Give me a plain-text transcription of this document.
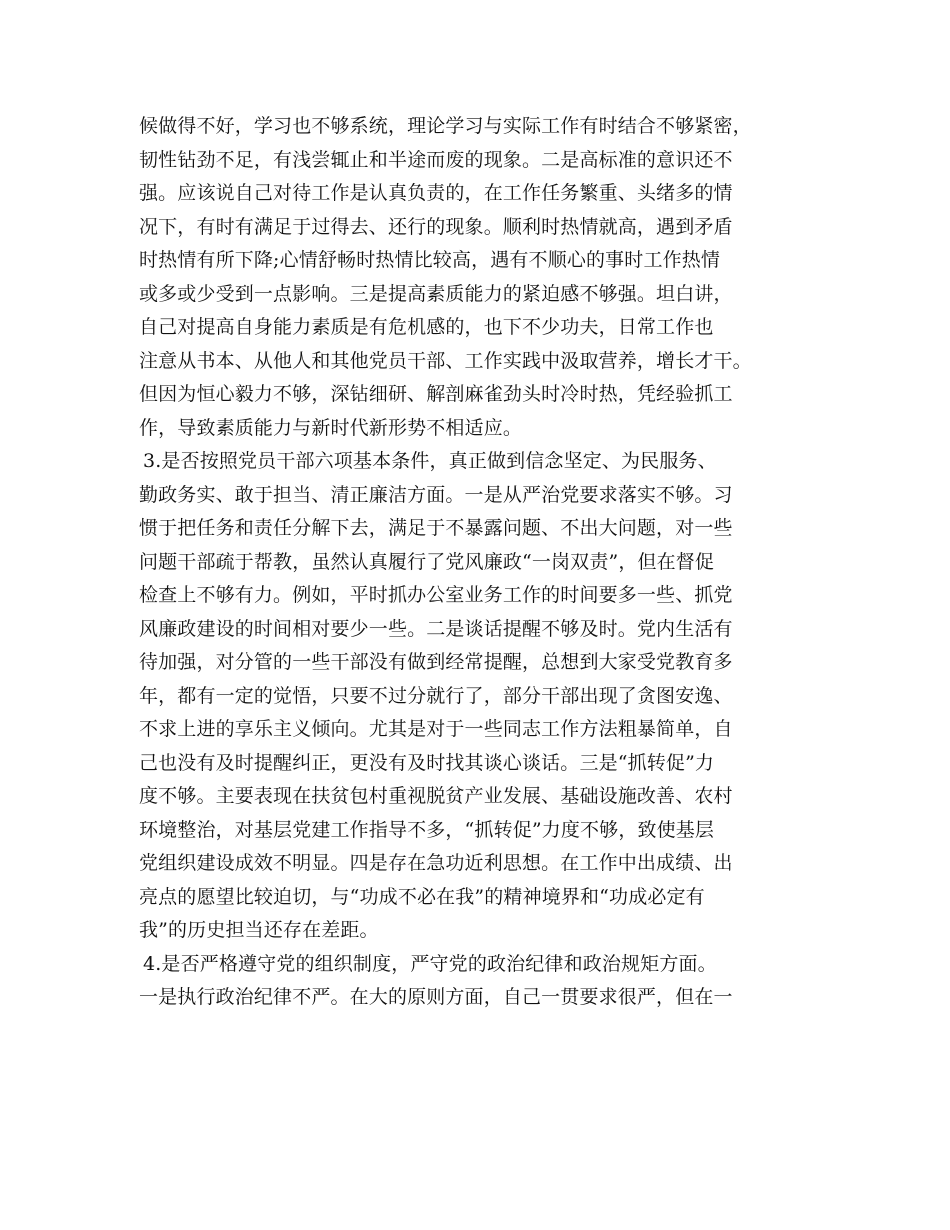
候做得不好，学习也不够系统，理论学习与实际工作有时结合不够紧密，
韧性钻劲不足，有浅尝辄止和半途而废的现象。二是高标准的意识还不
强。应该说自己对待工作是认真负责的，在工作任务繁重、头绪多的情
况下，有时有满足于过得去、还行的现象。顺利时热情就高，遇到矛盾
时热情有所下降;心情舒畅时热情比较高，遇有不顺心的事时工作热情
或多或少受到一点影响。三是提高素质能力的紧迫感不够强。坦白讲，
自己对提高自身能力素质是有危机感的，也下不少功夫，日常工作也
注意从书本、从他人和其他党员干部、工作实践中汲取营养，增长才干。
但因为恒心毅力不够，深钻细研、解剖麻雀劲头时冷时热，凭经验抓工
作，导致素质能力与新时代新形势不相适应。
3.是否按照党员干部六项基本条件，真正做到信念坚定、为民服务、
勤政务实、敢于担当、清正廉洁方面。一是从严治党要求落实不够。习
惯于把任务和责任分解下去，满足于不暴露问题、不出大问题，对一些
问题干部疏于帮教，虽然认真履行了党风廉政“一岗双责”，但在督促
检查上不够有力。例如，平时抓办公室业务工作的时间要多一些、抓党
风廉政建设的时间相对要少一些。二是谈话提醒不够及时。党内生活有
待加强，对分管的一些干部没有做到经常提醒，总想到大家受党教育多
年，都有一定的觉悟，只要不过分就行了，部分干部出现了贪图安逸、
不求上进的享乐主义倾向。尤其是对于一些同志工作方法粗暴简单，自
己也没有及时提醒纠正，更没有及时找其谈心谈话。三是“抓转促”力
度不够。主要表现在扶贫包村重视脱贫产业发展、基础设施改善、农村
环境整治，对基层党建工作指导不多，“抓转促”力度不够，致使基层
党组织建设成效不明显。四是存在急功近利思想。在工作中出成绩、出
亮点的愿望比较迫切，与“功成不必在我”的精神境界和“功成必定有
我”的历史担当还存在差距。
4.是否严格遵守党的组织制度，严守党的政治纪律和政治规矩方面。
一是执行政治纪律不严。在大的原则方面，自己一贯要求很严，但在一
